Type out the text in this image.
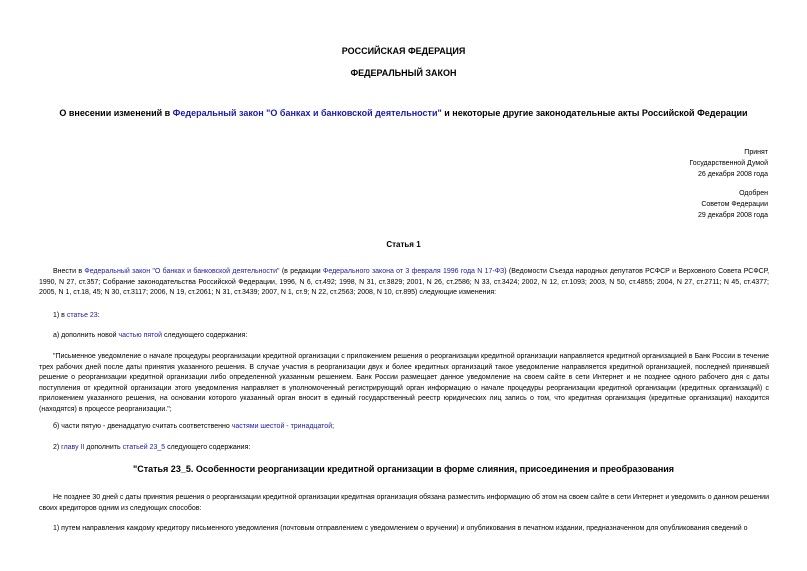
РОССИЙСКАЯ ФЕДЕРАЦИЯ
ФЕДЕРАЛЬНЫЙ ЗАКОН
О внесении изменений в Федеральный закон "О банках и банковской деятельности" и некоторые другие законодательные акты Российской Федерации
Принят
Государственной Думой
26 декабря 2008 года
Одобрен
Советом Федерации
29 декабря 2008 года
Статья 1
Внести в Федеральный закон "О банках и банковской деятельности" (в редакции Федерального закона от 3 февраля 1996 года N 17-ФЗ) (Ведомости Съезда народных депутатов РСФСР и Верховного Совета РСФСР, 1990, N 27, ст.357; Собрание законодательства Российской Федерации, 1996, N 6, ст.492; 1998, N 31, ст.3829; 2001, N 26, ст.2586; N 33, ст.3424; 2002, N 12, ст.1093; 2003, N 50, ст.4855; 2004, N 27, ст.2711; N 45, ст.4377; 2005, N 1, ст.18, 45; N 30, ст.3117; 2006, N 19, ст.2061; N 31, ст.3439; 2007, N 1, ст.9; N 22, ст.2563; 2008, N 10, ст.895) следующие изменения:
1) в статье 23:
а) дополнить новой частью пятой следующего содержания:
"Письменное уведомление о начале процедуры реорганизации кредитной организации с приложением решения о реорганизации кредитной организации направляется кредитной организацией в Банк России в течение трех рабочих дней после даты принятия указанного решения. В случае участия в реорганизации двух и более кредитных организаций такое уведомление направляется кредитной организацией, последней принявшей решение о реорганизации кредитной организации либо определенной указанным решением. Банк России размещает данное уведомление на своем сайте в сети Интернет и не позднее одного рабочего дня с даты поступления от кредитной организации этого уведомления направляет в уполномоченный регистрирующий орган информацию о начале процедуры реорганизации кредитной организации (кредитных организаций) с приложением указанного решения, на основании которого указанный орган вносит в единый государственный реестр юридических лиц запись о том, что кредитная организация (кредитные организации) находится (находятся) в процессе реорганизации.";
б) части пятую - двенадцатую считать соответственно частями шестой - тринадцатой;
2) главу II дополнить статьей 23_5 следующего содержания:
"Статья 23_5. Особенности реорганизации кредитной организации в форме слияния, присоединения и преобразования
Не позднее 30 дней с даты принятия решения о реорганизации кредитной организации кредитная организация обязана разместить информацию об этом на своем сайте в сети Интернет и уведомить о данном решении своих кредиторов одним из следующих способов:
1) путем направления каждому кредитору письменного уведомления (почтовым отправлением с уведомлением о вручении) и опубликования в печатном издании, предназначенном для опубликования сведений о
